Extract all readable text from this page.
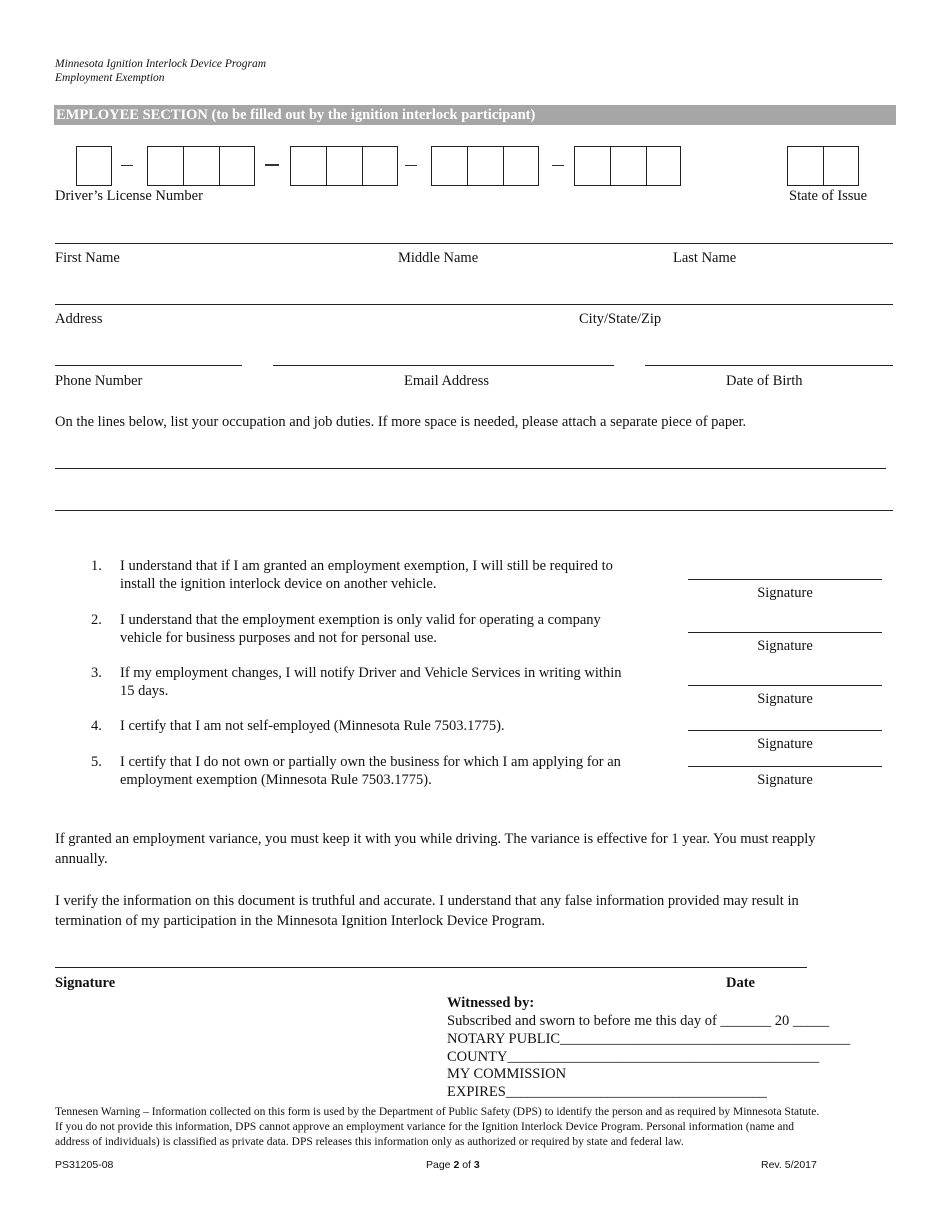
Minnesota Ignition Interlock Device Program
Employment Exemption
EMPLOYEE SECTION (to be filled out by the ignition interlock participant)
Driver’s License Number	State of Issue
First Name	Middle Name	Last Name
Address	City/State/Zip
Phone Number	Email Address	Date of Birth
On the lines below, list your occupation and job duties. If more space is needed, please attach a separate piece of paper.
1. I understand that if I am granted an employment exemption, I will still be required to
install the ignition interlock device on another vehicle.
Signature
2. I understand that the employment exemption is only valid for operating a company
vehicle for business purposes and not for personal use.	Signature
3. If my employment changes, I will notify Driver and Vehicle Services in writing within
15 days.	Signature
4. I certify that I am not self-employed (Minnesota Rule 7503.1775).
Signature
5. I certify that I do not own or partially own the business for which I am applying for an
employment exemption (Minnesota Rule 7503.1775).	Signature
If granted an employment variance, you must keep it with you while driving. The variance is effective for 1 year. You must reapply
annually.
I verify the information on this document is truthful and accurate. I understand that any false information provided may result in
termination of my participation in the Minnesota Ignition Interlock Device Program.
Signature	Date
Witnessed by:
Subscribed and sworn to before me this day of _______ 20 _____
NOTARY PUBLIC________________________________________
COUNTY___________________________________________
MY COMMISSION
EXPIRES____________________________________
Tennesen Warning – Information collected on this form is used by the Department of Public Safety (DPS) to identify the person and as required by Minnesota Statute.
If you do not provide this information, DPS cannot approve an employment variance for the Ignition Interlock Device Program. Personal information (name and
address of individuals) is classified as private data. DPS releases this information only as authorized or required by state and federal law.
PS31205-08	Page 2 of 3	Rev. 5/2017
